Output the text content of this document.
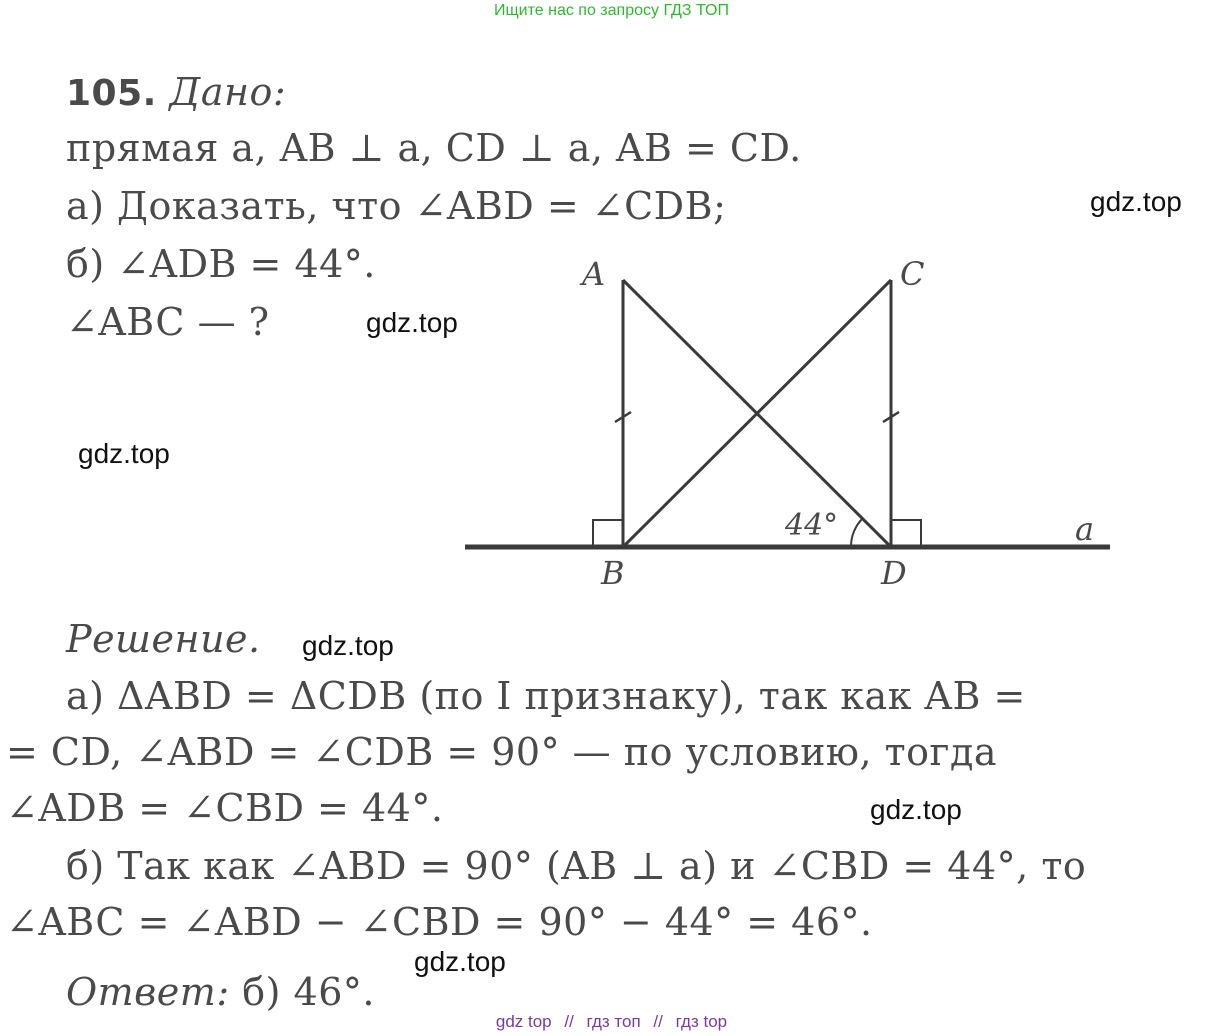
Ищите нас по запросу ГДЗ ТОП
105. Дано:
прямая a, AB ⊥ a, CD ⊥ a, AB = CD.
а) Доказать, что ∠ABD = ∠CDB;
б) ∠ADB = 44°.
∠ABC — ?
A	C
B	D
a
44°
Решение.
а) ΔABD = ΔCDB (по I признаку), так как AB =
= CD, ∠ABD = ∠CDB = 90° — по условию, тогда
∠ADB = ∠CBD = 44°.
б) Так как ∠ABD = 90° (AB ⊥ a) и ∠CBD = 44°, то
∠ABC = ∠ABD − ∠CBD = 90° − 44° = 46°.
Ответ: б) 46°.
gdz.top
gdz.top
gdz.top
gdz.top
gdz.top
gdz.top
gdz top // гдз топ // гдз top
